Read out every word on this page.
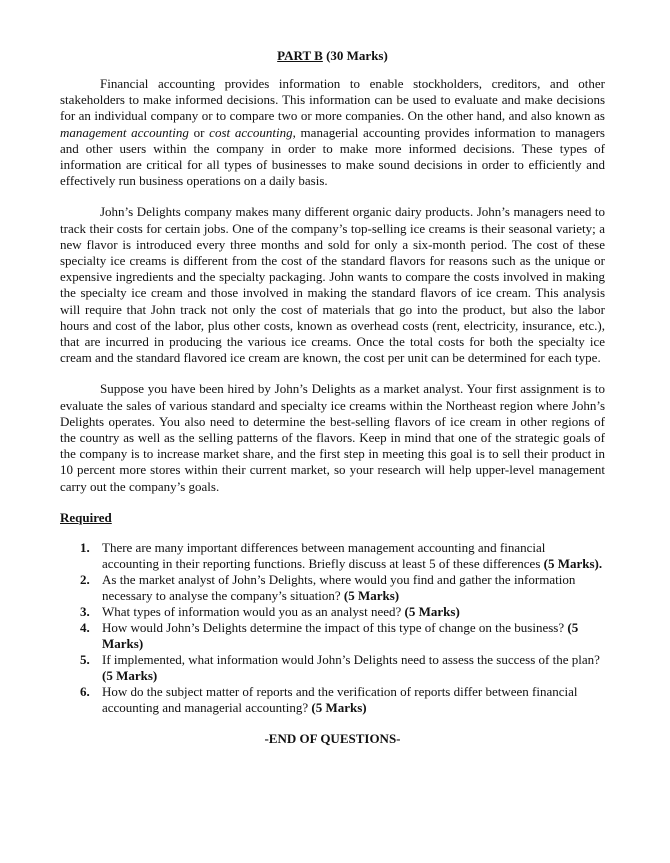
PART B (30 Marks)

Financial accounting provides information to enable stockholders, creditors, and other stakeholders to make informed decisions. This information can be used to evaluate and make decisions for an individual company or to compare two or more companies. On the other hand, and also known as management accounting or cost accounting, managerial accounting provides information to managers and other users within the company in order to make more informed decisions. These types of information are critical for all types of businesses to make sound decisions in order to efficiently and effectively run business operations on a daily basis.

John’s Delights company makes many different organic dairy products. John’s managers need to track their costs for certain jobs. One of the company’s top-selling ice creams is their seasonal variety; a new flavor is introduced every three months and sold for only a six-month period. The cost of these specialty ice creams is different from the cost of the standard flavors for reasons such as the unique or expensive ingredients and the specialty packaging. John wants to compare the costs involved in making the specialty ice cream and those involved in making the standard flavors of ice cream. This analysis will require that John track not only the cost of materials that go into the product, but also the labor hours and cost of the labor, plus other costs, known as overhead costs (rent, electricity, insurance, etc.), that are incurred in producing the various ice creams. Once the total costs for both the specialty ice cream and the standard flavored ice cream are known, the cost per unit can be determined for each type.

Suppose you have been hired by John’s Delights as a market analyst. Your first assignment is to evaluate the sales of various standard and specialty ice creams within the Northeast region where John’s Delights operates. You also need to determine the best-selling flavors of ice cream in other regions of the country as well as the selling patterns of the flavors. Keep in mind that one of the strategic goals of the company is to increase market share, and the first step in meeting this goal is to sell their product in 10 percent more stores within their current market, so your research will help upper-level management carry out the company’s goals.

Required
1. There are many important differences between management accounting and financial accounting in their reporting functions. Briefly discuss at least 5 of these differences (5 Marks).
2. As the market analyst of John’s Delights, where would you find and gather the information necessary to analyse the company’s situation? (5 Marks)
3. What types of information would you as an analyst need? (5 Marks)
4. How would John’s Delights determine the impact of this type of change on the business? (5 Marks)
5. If implemented, what information would John’s Delights need to assess the success of the plan? (5 Marks)
6. How do the subject matter of reports and the verification of reports differ between financial accounting and managerial accounting? (5 Marks)
-END OF QUESTIONS-
